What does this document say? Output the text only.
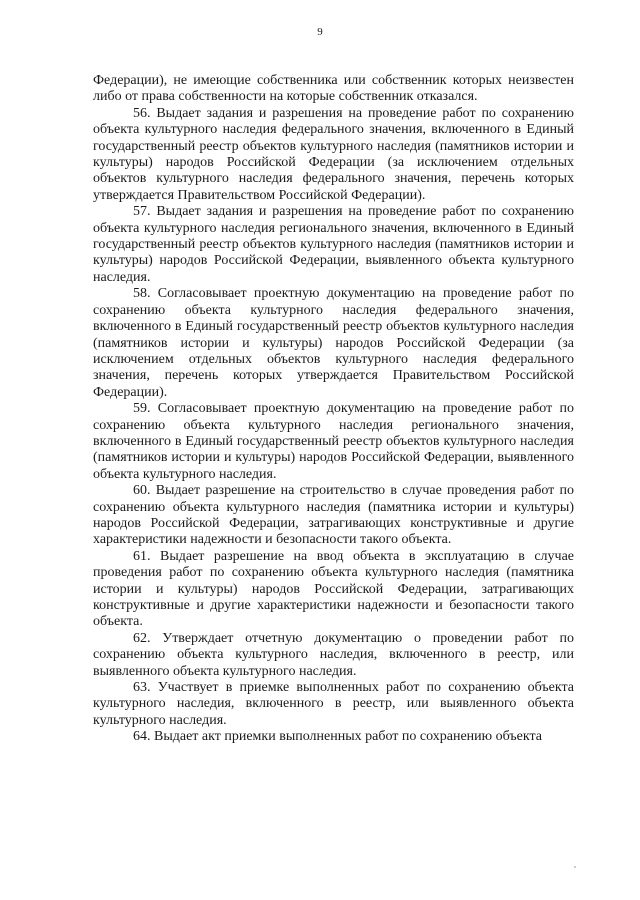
9

Федерации), не имеющие собственника или собственник которых неизвестен либо от права собственности на которые собственник отказался.

56. Выдает задания и разрешения на проведение работ по сохранению объекта культурного наследия федерального значения, включенного в Единый государственный реестр объектов культурного наследия (памятников истории и культуры) народов Российской Федерации (за исключением отдельных объектов культурного наследия федерального значения, перечень которых утверждается Правительством Российской Федерации).

57. Выдает задания и разрешения на проведение работ по сохранению объекта культурного наследия регионального значения, включенного в Единый государственный реестр объектов культурного наследия (памятников истории и культуры) народов Российской Федерации, выявленного объекта культурного наследия.

58. Согласовывает проектную документацию на проведение работ по сохранению объекта культурного наследия федерального значения, включенного в Единый государственный реестр объектов культурного наследия (памятников истории и культуры) народов Российской Федерации (за исключением отдельных объектов культурного наследия федерального значения, перечень которых утверждается Правительством Российской Федерации).

59. Согласовывает проектную документацию на проведение работ по сохранению объекта культурного наследия регионального значения, включенного в Единый государственный реестр объектов культурного наследия (памятников истории и культуры) народов Российской Федерации, выявленного объекта культурного наследия.

60. Выдает разрешение на строительство в случае проведения работ по сохранению объекта культурного наследия (памятника истории и культуры) народов Российской Федерации, затрагивающих конструктивные и другие характеристики надежности и безопасности такого объекта.

61. Выдает разрешение на ввод объекта в эксплуатацию в случае проведения работ по сохранению объекта культурного наследия (памятника истории и культуры) народов Российской Федерации, затрагивающих конструктивные и другие характеристики надежности и безопасности такого объекта.

62. Утверждает отчетную документацию о проведении работ по сохранению объекта культурного наследия, включенного в реестр, или выявленного объекта культурного наследия.

63. Участвует в приемке выполненных работ по сохранению объекта культурного наследия, включенного в реестр, или выявленного объекта культурного наследия.

64. Выдает акт приемки выполненных работ по сохранению объекта
